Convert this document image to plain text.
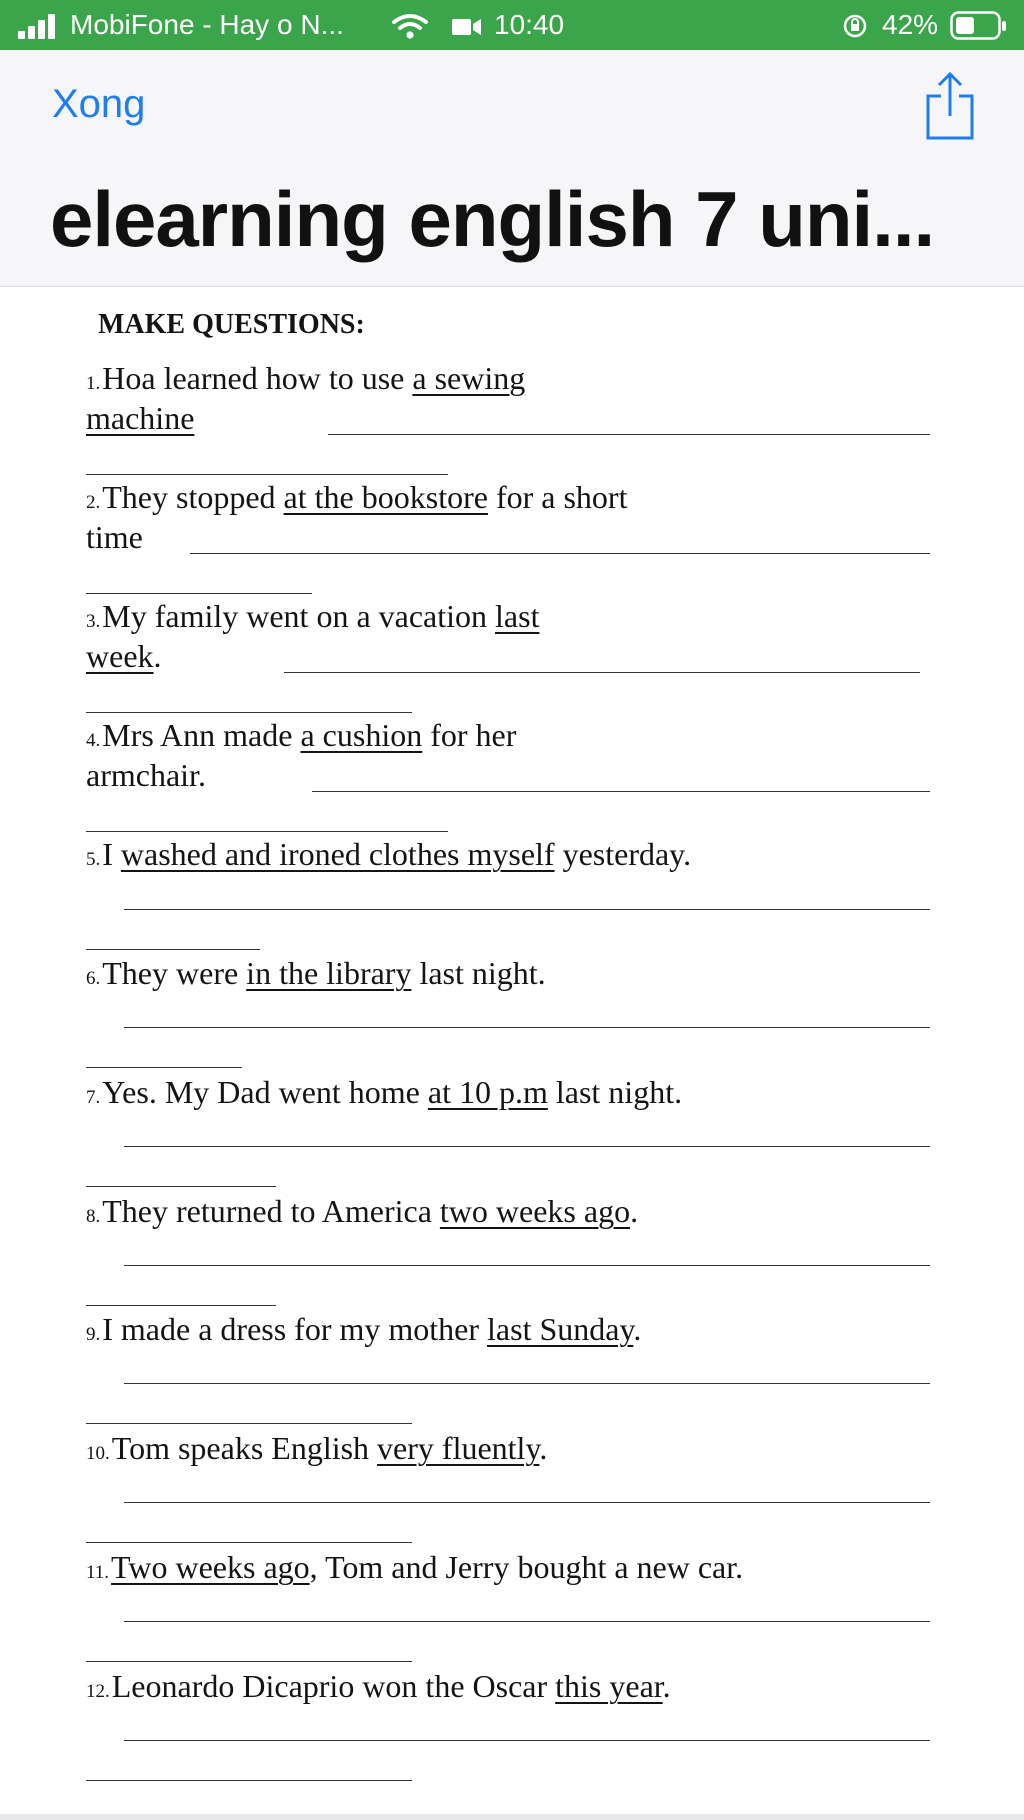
MobiFone - Hay o N...	10:40	42%
Xong
elearning english 7 uni...
MAKE QUESTIONS:
1.Hoa learned how to use a sewing
machine
2.They stopped at the bookstore for a short
time
3.My family went on a vacation last
week.
4.Mrs Ann made a cushion for her
armchair.
5.I washed and ironed clothes myself yesterday.
6.They were in the library last night.
7.Yes. My Dad went home at 10 p.m last night.
8.They returned to America two weeks ago.
9.I made a dress for my mother last Sunday.
10.Tom speaks English very fluently.
11.Two weeks ago, Tom and Jerry bought a new car.
12.Leonardo Dicaprio won the Oscar this year.
